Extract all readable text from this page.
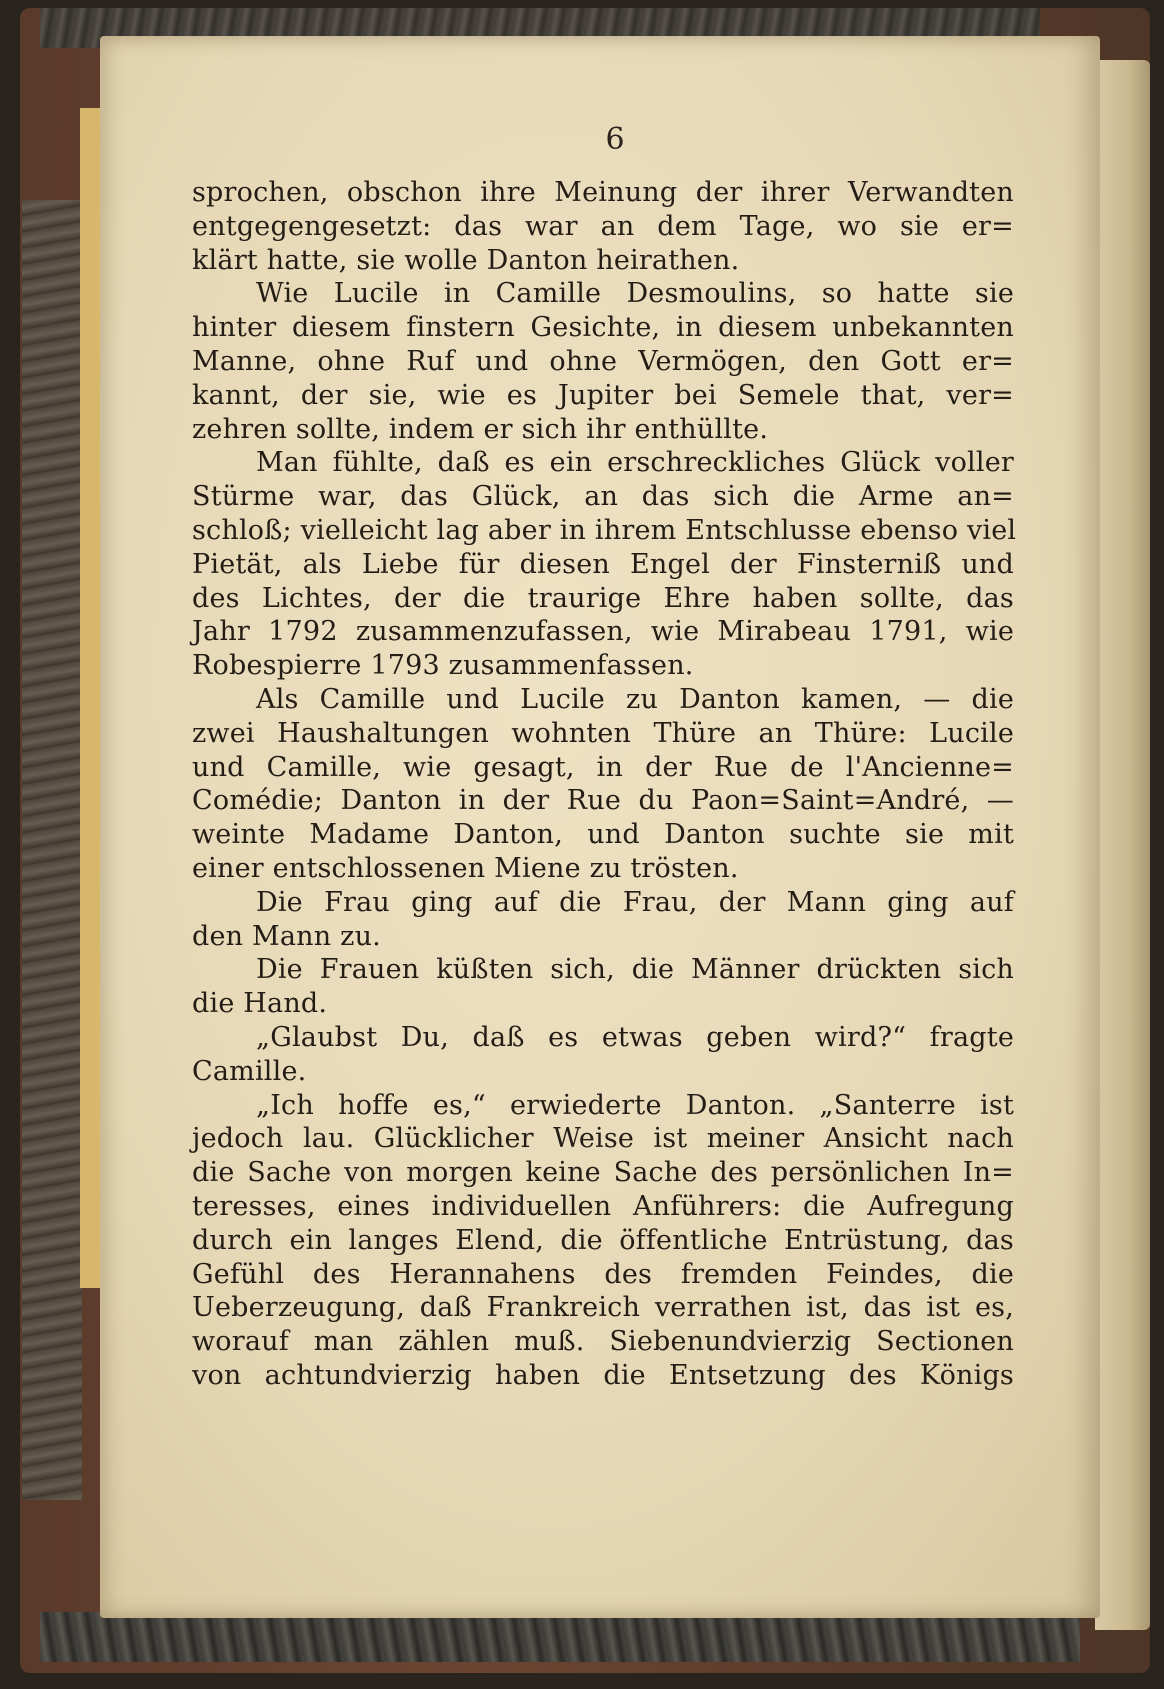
6
sprochen, obschon ihre Meinung der ihrer Verwandten
entgegengesetzt: das war an dem Tage, wo sie er=
klärt hatte, sie wolle Danton heirathen.
Wie Lucile in Camille Desmoulins, so hatte sie
hinter diesem finstern Gesichte, in diesem unbekannten
Manne, ohne Ruf und ohne Vermögen, den Gott er=
kannt, der sie, wie es Jupiter bei Semele that, ver=
zehren sollte, indem er sich ihr enthüllte.
Man fühlte, daß es ein erschreckliches Glück voller
Stürme war, das Glück, an das sich die Arme an=
schloß; vielleicht lag aber in ihrem Entschlusse ebenso viel
Pietät, als Liebe für diesen Engel der Finsterniß und
des Lichtes, der die traurige Ehre haben sollte, das
Jahr 1792 zusammenzufassen, wie Mirabeau 1791, wie
Robespierre 1793 zusammenfassen.
Als Camille und Lucile zu Danton kamen, — die
zwei Haushaltungen wohnten Thüre an Thüre: Lucile
und Camille, wie gesagt, in der Rue de l'Ancienne=
Comédie; Danton in der Rue du Paon=Saint=André, —
weinte Madame Danton, und Danton suchte sie mit
einer entschlossenen Miene zu trösten.
Die Frau ging auf die Frau, der Mann ging auf
den Mann zu.
Die Frauen küßten sich, die Männer drückten sich
die Hand.
„Glaubst Du, daß es etwas geben wird?“ fragte
Camille.
„Ich hoffe es,“ erwiederte Danton. „Santerre ist
jedoch lau. Glücklicher Weise ist meiner Ansicht nach
die Sache von morgen keine Sache des persönlichen In=
teresses, eines individuellen Anführers: die Aufregung
durch ein langes Elend, die öffentliche Entrüstung, das
Gefühl des Herannahens des fremden Feindes, die
Ueberzeugung, daß Frankreich verrathen ist, das ist es,
worauf man zählen muß. Siebenundvierzig Sectionen
von achtundvierzig haben die Entsetzung des Königs
